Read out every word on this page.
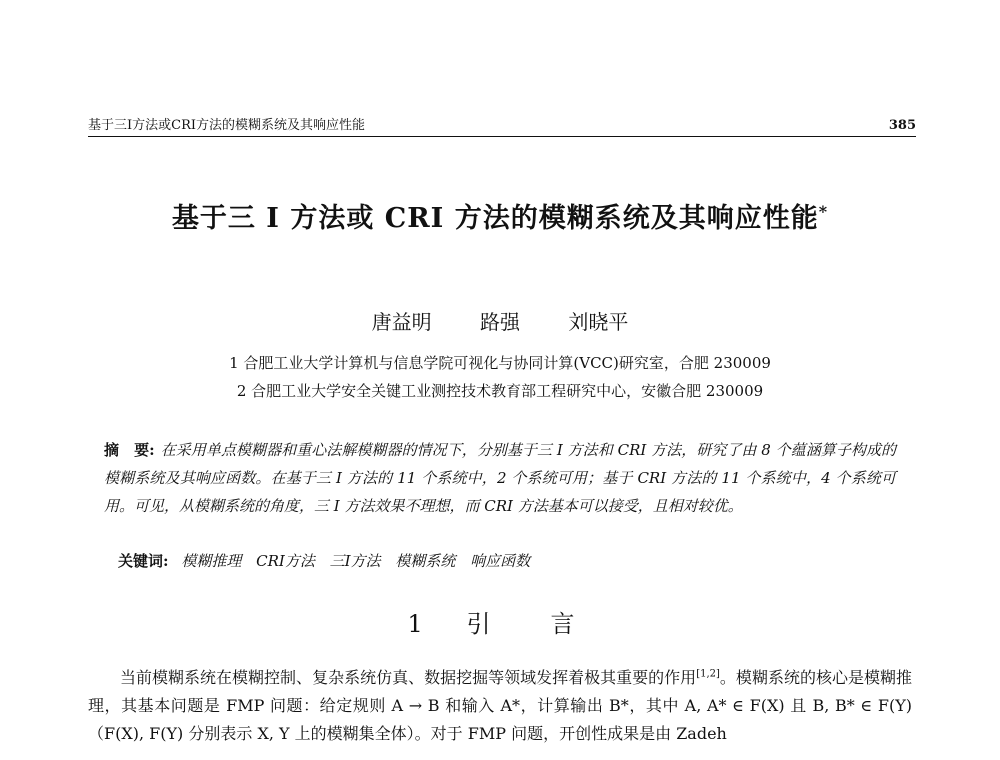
基于三I方法或CRI方法的模糊系统及其响应性能	385
基于三 I 方法或 CRI 方法的模糊系统及其响应性能*
唐益明 路强 刘晓平
1 合肥工业大学计算机与信息学院可视化与协同计算(VCC)研究室，合肥 230009
2 合肥工业大学安全关键工业测控技术教育部工程研究中心，安徽合肥 230009
摘　要: 在采用单点模糊器和重心法解模糊器的情况下，分别基于三 I 方法和 CRI 方法，研究了由 8 个蕴涵算子构成的模糊系统及其响应函数。在基于三 I 方法的 11 个系统中，2 个系统可用；基于 CRI 方法的 11 个系统中，4 个系统可用。可见，从模糊系统的角度，三 I 方法效果不理想，而 CRI 方法基本可以接受，且相对较优。
关键词: 模糊推理 CRI方法 三I方法 模糊系统 响应函数
1 引　言

当前模糊系统在模糊控制、复杂系统仿真、数据挖掘等领域发挥着极其重要的作用[1,2]。模糊系统的核心是模糊推理，其基本问题是 FMP 问题：给定规则 A → B 和输入 A*，计算输出 B*，其中 A, A* ∈ F(X) 且 B, B* ∈ F(Y)（F(X), F(Y) 分别表示 X, Y 上的模糊集全体）。对于 FMP 问题，开创性成果是由 Zadeh
